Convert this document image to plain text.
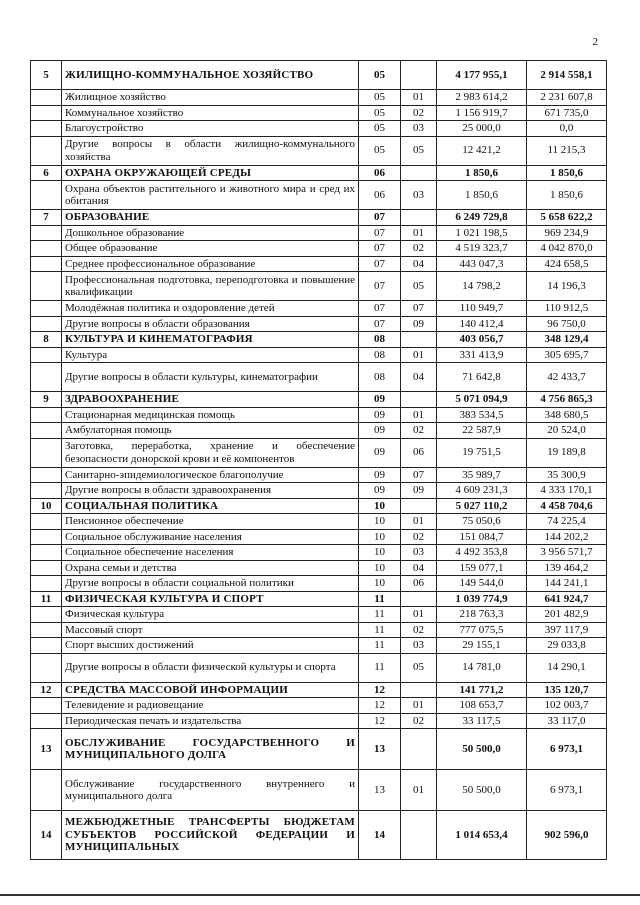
2
5	ЖИЛИЩНО-КОММУНАЛЬНОЕ ХОЗЯЙСТВО	05		4 177 955,1	2 914 558,1
	Жилищное хозяйство	05	01	2 983 614,2	2 231 607,8
	Коммунальное хозяйство	05	02	1 156 919,7	671 735,0
	Благоустройство	05	03	25 000,0	0,0
	Другие вопросы в области жилищно-коммунального хозяйства	05	05	12 421,2	11 215,3
6	ОХРАНА ОКРУЖАЮЩЕЙ СРЕДЫ	06		1 850,6	1 850,6
	Охрана объектов растительного и животного мира и сред их обитания	06	03	1 850,6	1 850,6
7	ОБРАЗОВАНИЕ	07		6 249 729,8	5 658 622,2
	Дошкольное образование	07	01	1 021 198,5	969 234,9
	Общее образование	07	02	4 519 323,7	4 042 870,0
	Среднее профессиональное образование	07	04	443 047,3	424 658,5
	Профессиональная подготовка, переподготовка и повышение квалификации	07	05	14 798,2	14 196,3
	Молодёжная политика и оздоровление детей	07	07	110 949,7	110 912,5
	Другие вопросы в области образования	07	09	140 412,4	96 750,0
8	КУЛЬТУРА И КИНЕМАТОГРАФИЯ	08		403 056,7	348 129,4
	Культура	08	01	331 413,9	305 695,7
	Другие вопросы в области культуры, кинематографии	08	04	71 642,8	42 433,7
9	ЗДРАВООХРАНЕНИЕ	09		5 071 094,9	4 756 865,3
	Стационарная медицинская помощь	09	01	383 534,5	348 680,5
	Амбулаторная помощь	09	02	22 587,9	20 524,0
	Заготовка, переработка, хранение и обеспечение безопасности донорской крови и её компонентов	09	06	19 751,5	19 189,8
	Санитарно-эпидемиологическое благополучие	09	07	35 989,7	35 300,9
	Другие вопросы в области здравоохранения	09	09	4 609 231,3	4 333 170,1
10	СОЦИАЛЬНАЯ ПОЛИТИКА	10		5 027 110,2	4 458 704,6
	Пенсионное обеспечение	10	01	75 050,6	74 225,4
	Социальное обслуживание населения	10	02	151 084,7	144 202,2
	Социальное обеспечение населения	10	03	4 492 353,8	3 956 571,7
	Охрана семьи и детства	10	04	159 077,1	139 464,2
	Другие вопросы в области социальной политики	10	06	149 544,0	144 241,1
11	ФИЗИЧЕСКАЯ КУЛЬТУРА И СПОРТ	11		1 039 774,9	641 924,7
	Физическая культура	11	01	218 763,3	201 482,9
	Массовый спорт	11	02	777 075,5	397 117,9
	Спорт высших достижений	11	03	29 155,1	29 033,8
	Другие вопросы в области физической культуры и спорта	11	05	14 781,0	14 290,1
12	СРЕДСТВА МАССОВОЙ ИНФОРМАЦИИ	12		141 771,2	135 120,7
	Телевидение и радиовещание	12	01	108 653,7	102 003,7
	Периодическая печать и издательства	12	02	33 117,5	33 117,0
13	ОБСЛУЖИВАНИЕ ГОСУДАРСТВЕННОГО И МУНИЦИПАЛЬНОГО ДОЛГА	13		50 500,0	6 973,1
	Обслуживание государственного внутреннего и муниципального долга	13	01	50 500,0	6 973,1
14	МЕЖБЮДЖЕТНЫЕ ТРАНСФЕРТЫ БЮДЖЕТАМ СУБЪЕКТОВ РОССИЙСКОЙ ФЕДЕРАЦИИ И МУНИЦИПАЛЬНЫХ	14		1 014 653,4	902 596,0
